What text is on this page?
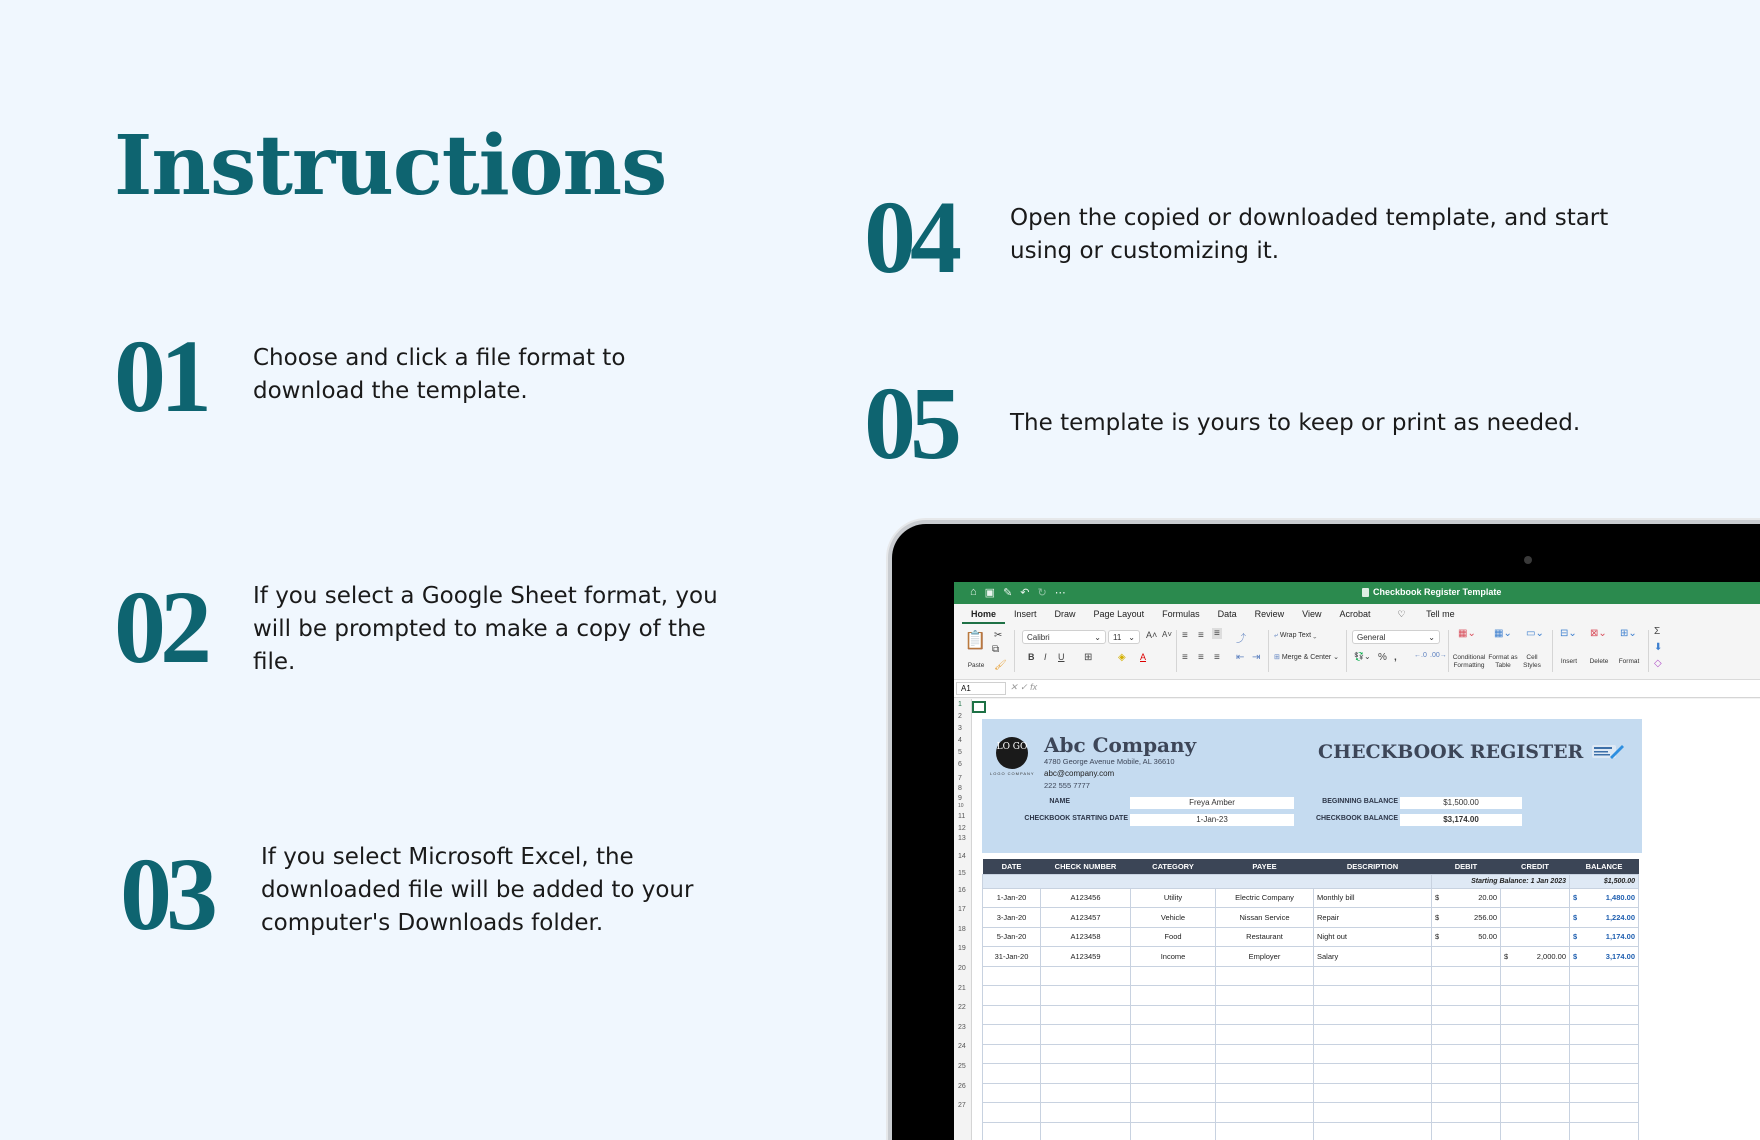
Instructions
01 Choose and click a file format to download the template.
02 If you select a Google Sheet format, you will be prompted to make a copy of the file.
03 If you select Microsoft Excel, the downloaded file will be added to your computer's Downloads folder.
04 Open the copied or downloaded template, and start using or customizing it.
05 The template is yours to keep or print as needed.
⌂ ▣ ✎ ↶ ↻ ⋯	Checkbook Register Template
Home	Insert	Draw	Page Layout	Formulas	Data	Review	View	Acrobat	♡ Tell me
📋
Paste
✂
⧉
🖌
Calibri	⌄	11 ⌄ A˄ A˅
B I U ⊞	◈ A
≡ ≡ ≡
≡ ≡ ≡
⤴
⇤ ⇥
⤶ Wrap Text ⌄
⊞ Merge & Center ⌄
General	⌄
💱⌄ % , ←.0 .00→
▦⌄
Conditional Formatting
▦⌄
Format as Table
▭⌄
Cell Styles
⊟⌄
Insert
⊠⌄
Delete
⊞⌄
Format
Σ
⬇
◇
A1	✕ ✓ fx
1
2
3
4
5
6
7
8
9
10
11
12
13
14
15
16
17
18
19
20
21
22
23
24
25
26
27
LO GO
LOGO COMPANY
Abc Company
4780 George Avenue Mobile, AL 36610
abc@company.com
222 555 7777
CHECKBOOK REGISTER
NAME	Freya Amber
CHECKBOOK STARTING DATE	1-Jan-23
BEGINNING BALANCE	$1,500.00
CHECKBOOK BALANCE	$3,174.00
DATE	CHECK NUMBER	CATEGORY	PAYEE	DESCRIPTION	DEBIT	CREDIT	BALANCE
					Starting Balance: 1 Jan 2023		$1,500.00
1-Jan-20	A123456	Utility	Electric Company	Monthly bill	$ 20.00		$ 1,480.00

3-Jan-20	A123457	Vehicle	Nissan Service	Repair	$ 256.00		$ 1,224.00

5-Jan-20	A123458	Food	Restaurant	Night out	$ 50.00		$ 1,174.00

31-Jan-20	A123459	Income	Employer	Salary		$ 2,000.00	$ 3,174.00
